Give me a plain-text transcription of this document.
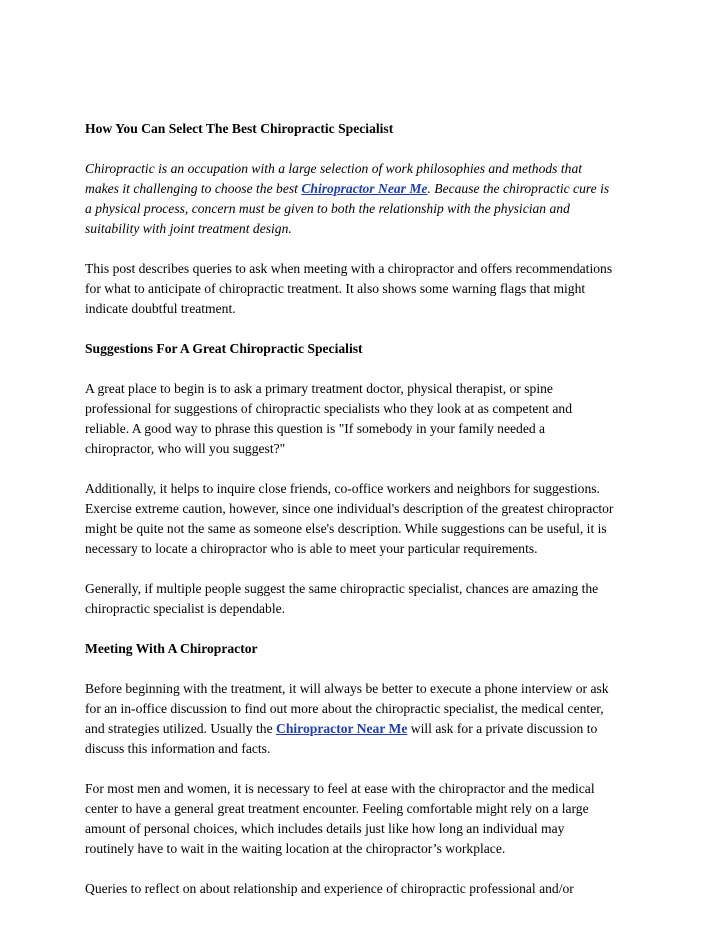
How You Can Select The Best Chiropractic Specialist

Chiropractic is an occupation with a large selection of work philosophies and methods that
makes it challenging to choose the best Chiropractor Near Me. Because the chiropractic cure is
a physical process, concern must be given to both the relationship with the physician and
suitability with joint treatment design.

This post describes queries to ask when meeting with a chiropractor and offers recommendations
for what to anticipate of chiropractic treatment. It also shows some warning flags that might
indicate doubtful treatment.

Suggestions For A Great Chiropractic Specialist

A great place to begin is to ask a primary treatment doctor, physical therapist, or spine
professional for suggestions of chiropractic specialists who they look at as competent and
reliable. A good way to phrase this question is "If somebody in your family needed a
chiropractor, who will you suggest?"

Additionally, it helps to inquire close friends, co-office workers and neighbors for suggestions.
Exercise extreme caution, however, since one individual's description of the greatest chiropractor
might be quite not the same as someone else's description. While suggestions can be useful, it is
necessary to locate a chiropractor who is able to meet your particular requirements.

Generally, if multiple people suggest the same chiropractic specialist, chances are amazing the
chiropractic specialist is dependable.

Meeting With A Chiropractor

Before beginning with the treatment, it will always be better to execute a phone interview or ask
for an in-office discussion to find out more about the chiropractic specialist, the medical center,
and strategies utilized. Usually the Chiropractor Near Me will ask for a private discussion to
discuss this information and facts.

For most men and women, it is necessary to feel at ease with the chiropractor and the medical
center to have a general great treatment encounter. Feeling comfortable might rely on a large
amount of personal choices, which includes details just like how long an individual may
routinely have to wait in the waiting location at the chiropractor’s workplace.

Queries to reflect on about relationship and experience of chiropractic professional and/or
